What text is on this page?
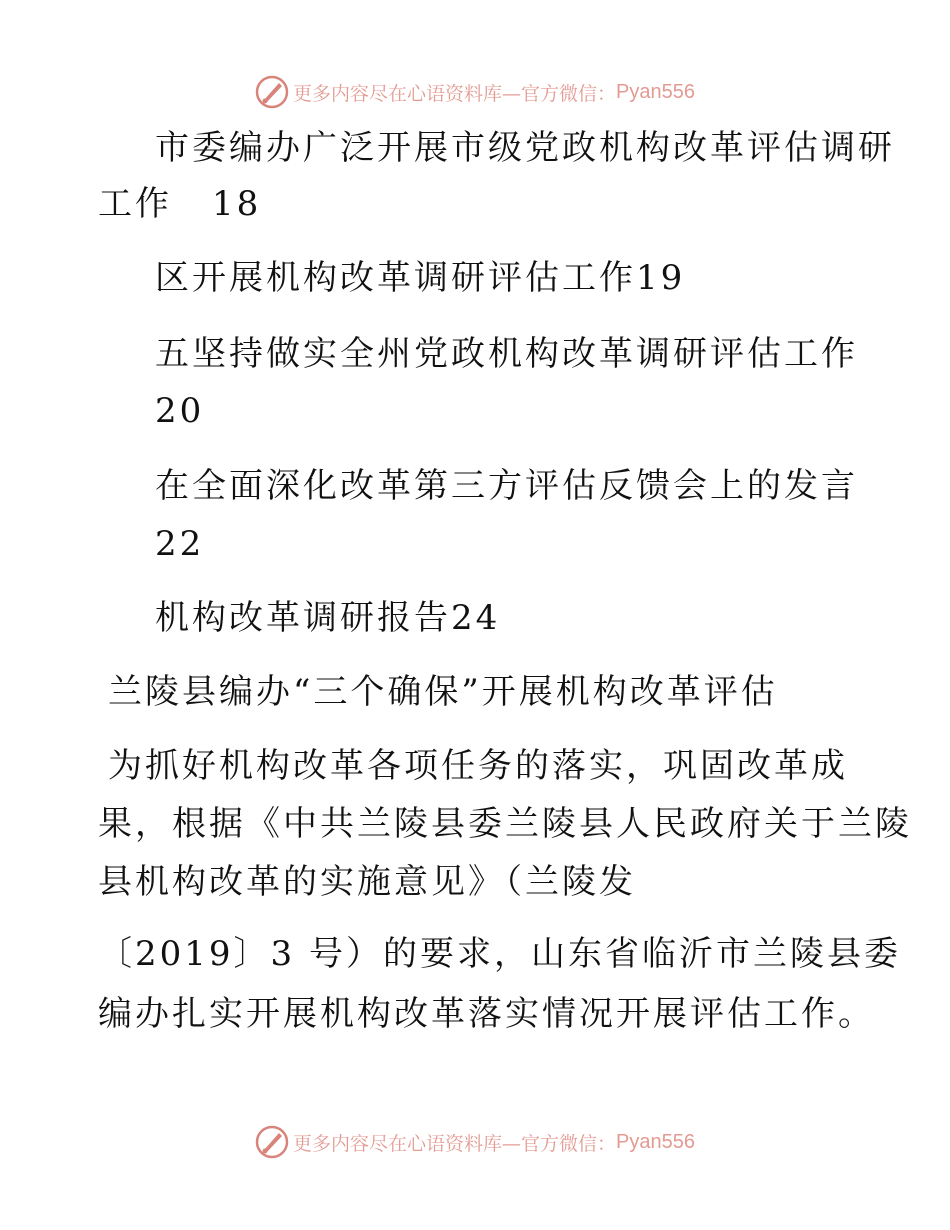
更多内容尽在心语资料库—官方微信： Pyan556
市委编办广泛开展市级党政机构改革评估调研
工作 18
区开展机构改革调研评估工作19
五坚持做实全州党政机构改革调研评估工作
20
在全面深化改革第三方评估反馈会上的发言
22
机构改革调研报告24
兰陵县编办“三个确保”开展机构改革评估
为抓好机构改革各项任务的落实，巩固改革成
果，根据《中共兰陵县委兰陵县人民政府关于兰陵
县机构改革的实施意见》（兰陵发
〔2019〕3 号）的要求，山东省临沂市兰陵县委
编办扎实开展机构改革落实情况开展评估工作。
更多内容尽在心语资料库—官方微信： Pyan556
